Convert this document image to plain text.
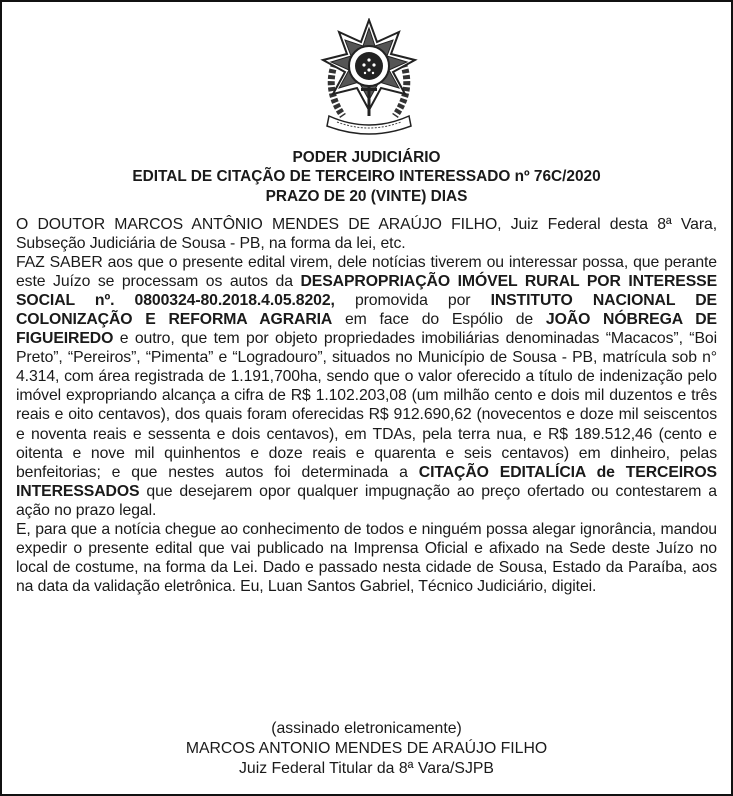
PODER JUDICIÁRIO
EDITAL DE CITAÇÃO DE TERCEIRO INTERESSADO nº 76C/2020
PRAZO DE 20 (VINTE) DIAS

O DOUTOR MARCOS ANTÔNIO MENDES DE ARAÚJO FILHO, Juiz Federal desta 8ª Vara, Subseção Judiciária de Sousa - PB, na forma da lei, etc.

FAZ SABER aos que o presente edital virem, dele notícias tiverem ou interessar possa, que perante este Juízo se processam os autos da DESAPROPRIAÇÃO IMÓVEL RURAL POR INTERESSE SOCIAL nº. 0800324-80.2018.4.05.8202, promovida por INSTITUTO NACIONAL DE COLONIZAÇÃO E REFORMA AGRARIA em face do Espólio de JOÃO NÓBREGA DE FIGUEIREDO e outro, que tem por objeto propriedades imobiliárias denominadas “Macacos”, “Boi Preto”, “Pereiros”, “Pimenta” e “Logradouro”, situados no Município de Sousa - PB, matrícula sob n° 4.314, com área registrada de 1.191,700ha, sendo que o valor oferecido a título de indenização pelo imóvel expropriando alcança a cifra de R$ 1.102.203,08 (um milhão cento e dois mil duzentos e três reais e oito centavos), dos quais foram oferecidas R$ 912.690,62 (novecentos e doze mil seiscentos e noventa reais e sessenta e dois centavos), em TDAs, pela terra nua, e R$ 189.512,46 (cento e oitenta e nove mil quinhentos e doze reais e quarenta e seis centavos) em dinheiro, pelas benfeitorias; e que nestes autos foi determinada a CITAÇÃO EDITALÍCIA de TERCEIROS INTERESSADOS que desejarem opor qualquer impugnação ao preço ofertado ou contestarem a ação no prazo legal.

E, para que a notícia chegue ao conhecimento de todos e ninguém possa alegar ignorância, mandou expedir o presente edital que vai publicado na Imprensa Oficial e afixado na Sede deste Juízo no local de costume, na forma da Lei. Dado e passado nesta cidade de Sousa, Estado da Paraíba, aos na data da validação eletrônica. Eu, Luan Santos Gabriel, Técnico Judiciário, digitei.

(assinado eletronicamente)
MARCOS ANTONIO MENDES DE ARAÚJO FILHO
Juiz Federal Titular da 8ª Vara/SJPB
